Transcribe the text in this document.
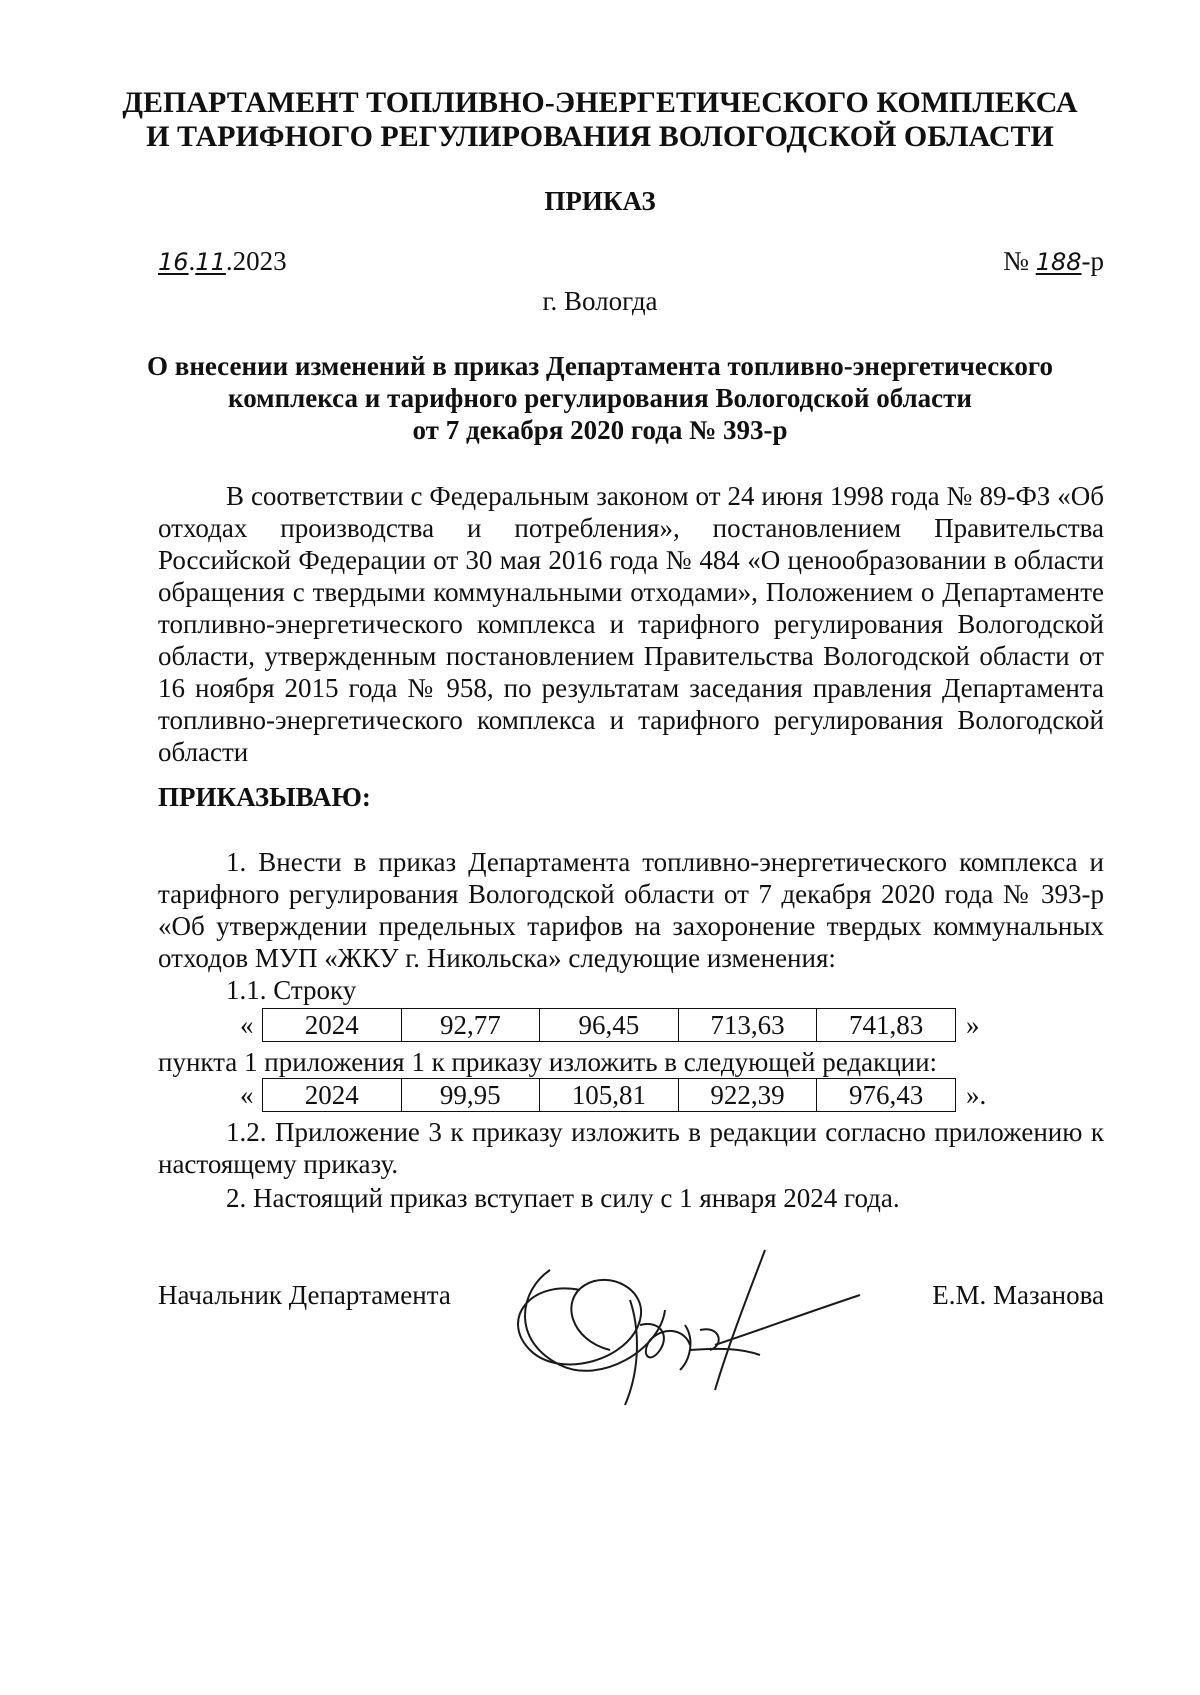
ДЕПАРТАМЕНТ ТОПЛИВНО-ЭНЕРГЕТИЧЕСКОГО КОМПЛЕКСА
И ТАРИФНОГО РЕГУЛИРОВАНИЯ ВОЛОГОДСКОЙ ОБЛАСТИ
ПРИКАЗ
16.11.2023	№ 188-р
г. Вологда
О внесении изменений в приказ Департамента топливно-энергетического
комплекса и тарифного регулирования Вологодской области
от 7 декабря 2020 года № 393-р
В соответствии с Федеральным законом от 24 июня 1998 года № 89-ФЗ «Об отходах производства и потребления», постановлением Правительства Российской Федерации от 30 мая 2016 года № 484 «О ценообразовании в области обращения с твердыми коммунальными отходами», Положением о Департаменте топливно-энергетического комплекса и тарифного регулирования Вологодской области, утвержденным постановлением Правительства Вологодской области от 16 ноября 2015 года № 958, по результатам заседания правления Департамента топливно-энергетического комплекса и тарифного регулирования Вологодской области
ПРИКАЗЫВАЮ:
1. Внести в приказ Департамента топливно-энергетического комплекса и тарифного регулирования Вологодской области от 7 декабря 2020 года № 393-р «Об утверждении предельных тарифов на захоронение твердых коммунальных отходов МУП «ЖКУ г. Никольска» следующие изменения:
1.1. Строку
« 2024	92,77	96,45	713,63	741,83 »
пункта 1 приложения 1 к приказу изложить в следующей редакции:
« 2024	99,95	105,81	922,39	976,43 ».
1.2. Приложение 3 к приказу изложить в редакции согласно приложению к настоящему приказу.
2. Настоящий приказ вступает в силу с 1 января 2024 года.
Начальник Департамента	Е.М. Мазанова
